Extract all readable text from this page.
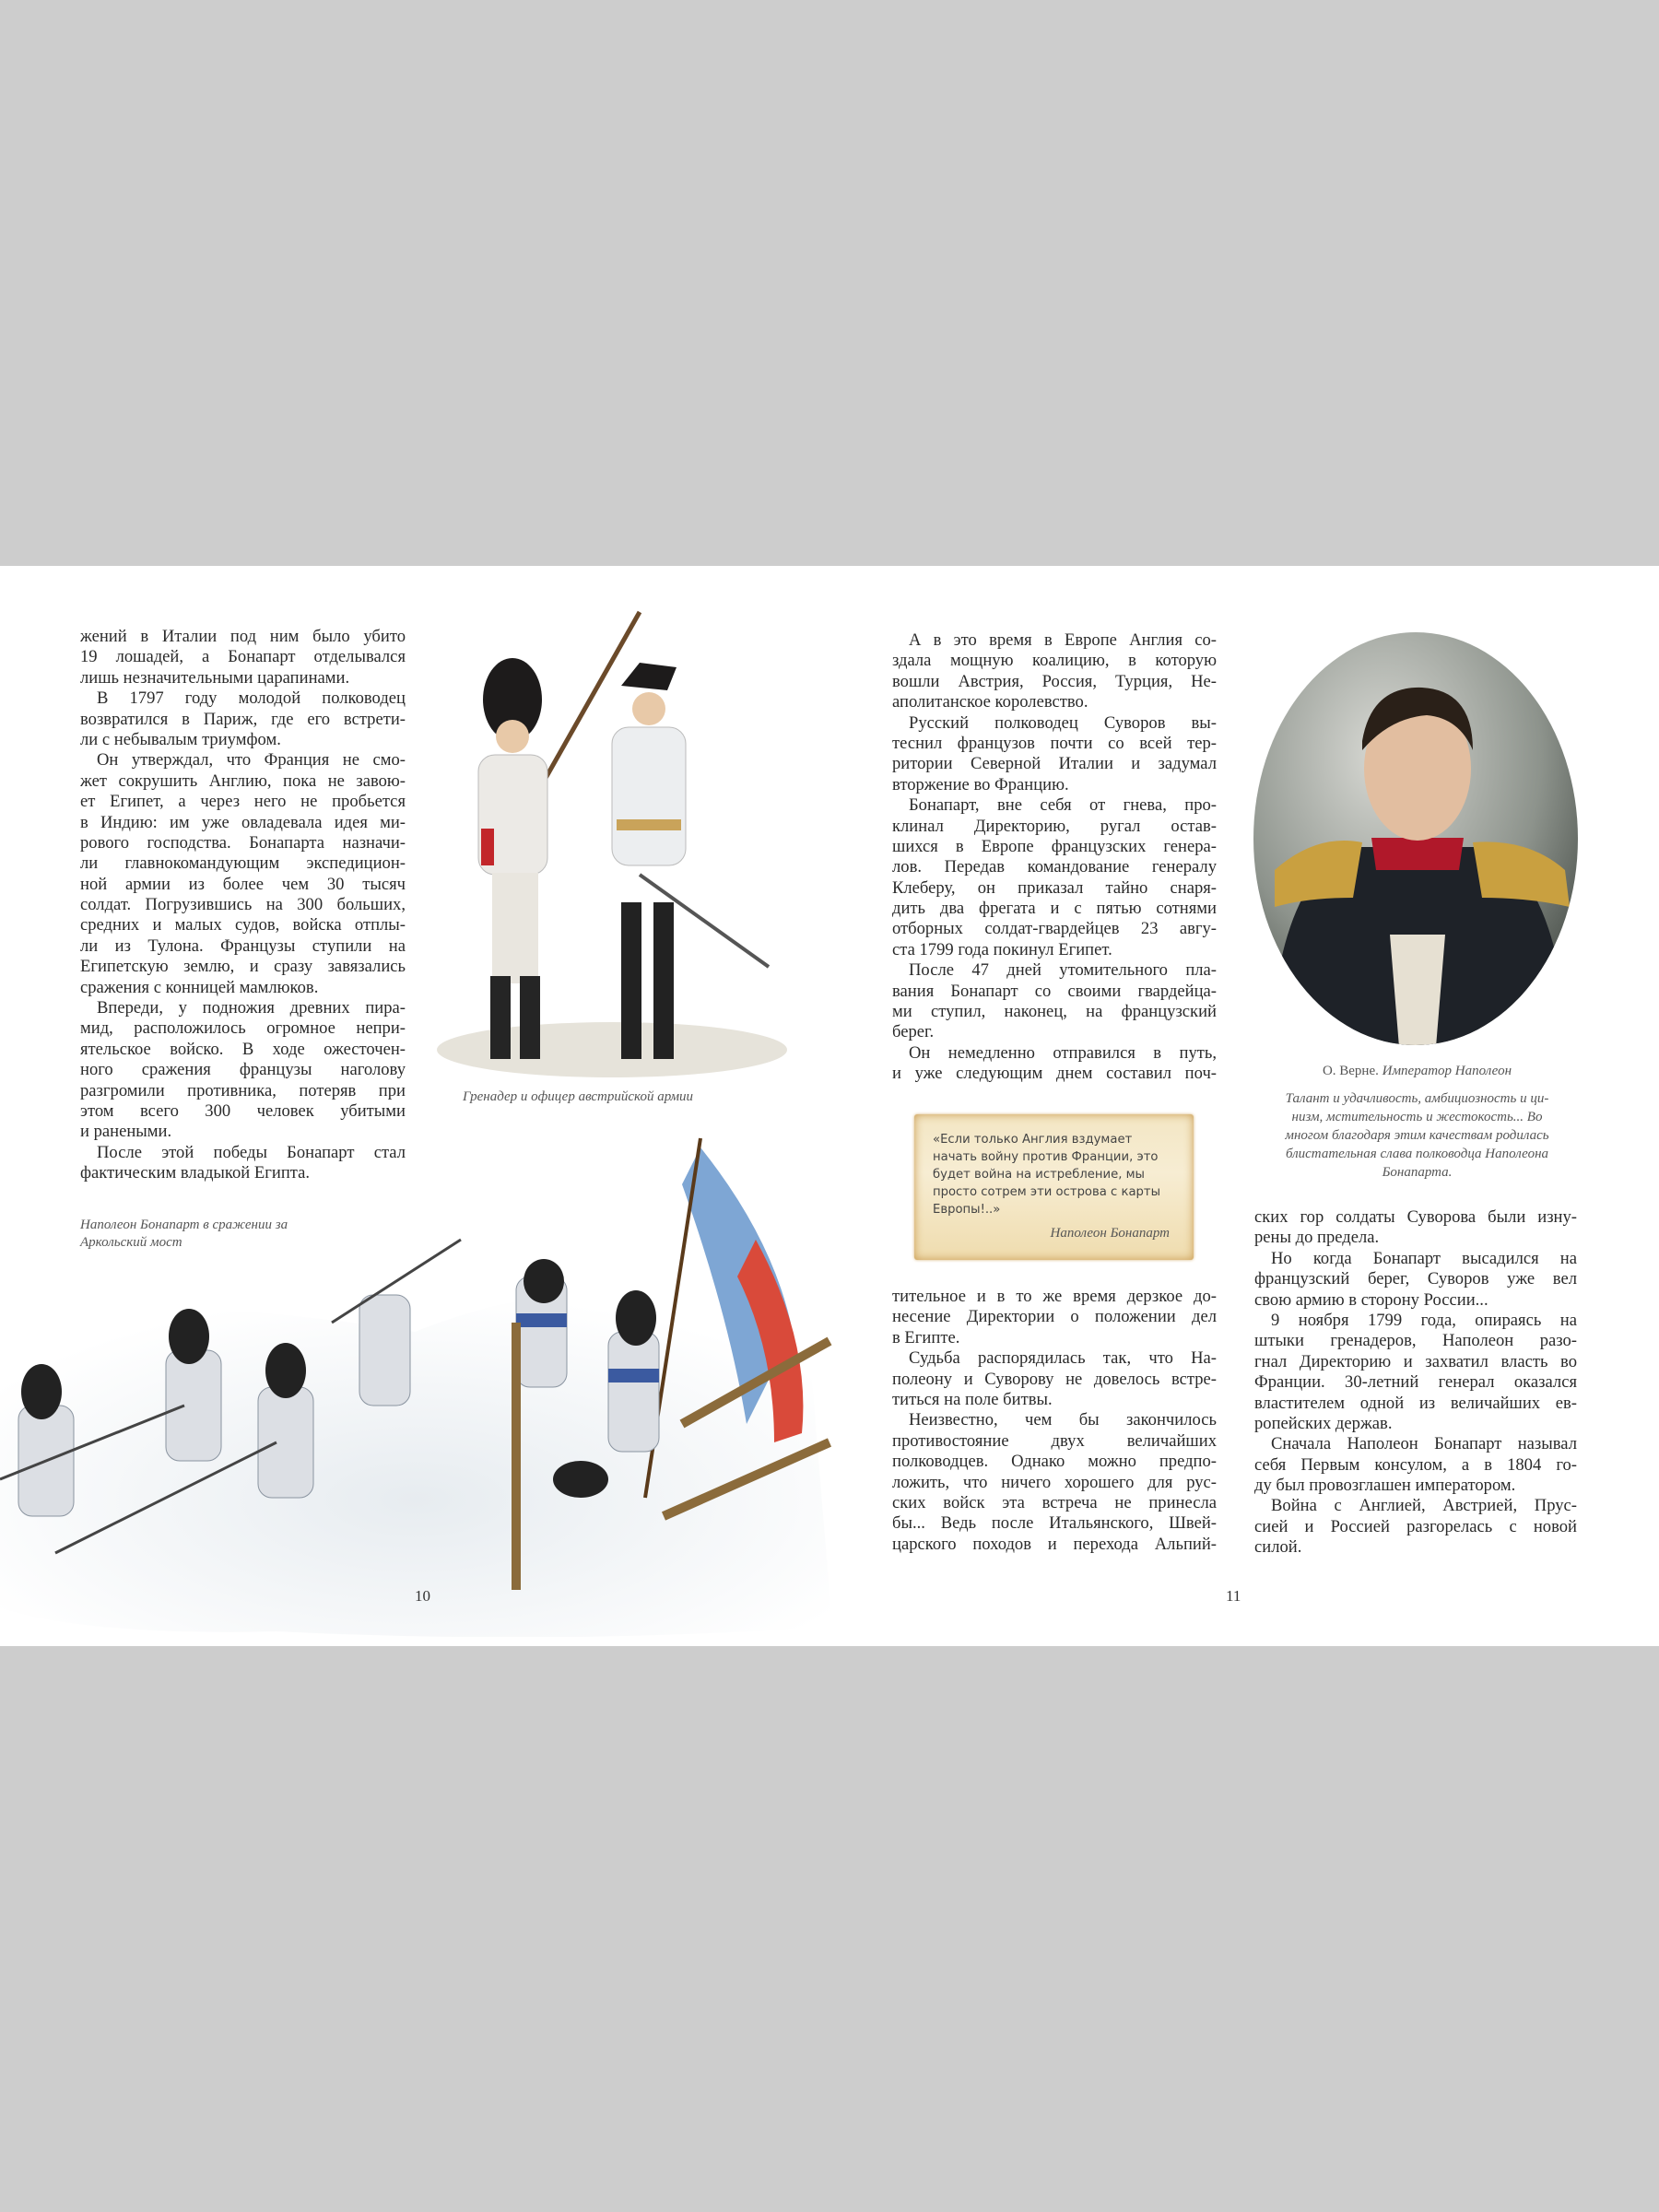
жений в Италии под ним было убито
19 лошадей, а Бонапарт отделывался
лишь незначительными царапинами.
В 1797 году молодой полководец
возвратился в Париж, где его встрети-
ли с небывалым триумфом.
Он утверждал, что Франция не смо-
жет сокрушить Англию, пока не завою-
ет Египет, а через него не пробьется
в Индию: им уже овладевала идея ми-
рового господства. Бонапарта назначи-
ли главнокомандующим экспедицион-
ной армии из более чем 30 тысяч
солдат. Погрузившись на 300 больших,
средних и малых судов, войска отплы-
ли из Тулона. Французы ступили на
Египетскую землю, и сразу завязались
сражения с конницей мамлюков.
Впереди, у подножия древних пира-
мид, расположилось огромное непри-
ятельское войско. В ходе ожесточен-
ного сражения французы наголову
разгромили противника, потеряв при
этом всего 300 человек убитыми
и ранеными.
После этой победы Бонапарт стал
фактическим владыкой Египта.
Гренадер и офицер австрийской армии
Наполеон Бонапарт в сражении за
Аркольский мост
10
А в это время в Европе Англия со-
здала мощную коалицию, в которую
вошли Австрия, Россия, Турция, Не-
аполитанское королевство.
Русский полководец Суворов вы-
теснил французов почти со всей тер-
ритории Северной Италии и задумал
вторжение во Францию.
Бонапарт, вне себя от гнева, про-
клинал Директорию, ругал остав-
шихся в Европе французских генера-
лов. Передав командование генералу
Клеберу, он приказал тайно снаря-
дить два фрегата и с пятью сотнями
отборных солдат-гвардейцев 23 авгу-
ста 1799 года покинул Египет.
После 47 дней утомительного пла-
вания Бонапарт со своими гвардейца-
ми ступил, наконец, на французский
берег.
Он немедленно отправился в путь,
и уже следующим днем составил поч-
«Если только Англия вздумает начать войну против Франции, это будет война на истребление, мы просто сотрем эти острова с карты Европы!..»
Наполеон Бонапарт
тительное и в то же время дерзкое до-
несение Директории о положении дел
в Египте.
Судьба распорядилась так, что На-
полеону и Суворову не довелось встре-
титься на поле битвы.
Неизвестно, чем бы закончилось
противостояние двух величайших
полководцев. Однако можно предпо-
ложить, что ничего хорошего для рус-
ских войск эта встреча не принесла
бы... Ведь после Итальянского, Швей-
царского походов и перехода Альпий-
О. Верне. Император Наполеон
Талант и удачливость, амбициозность и ци-
низм, мстительность и жестокость... Во
многом благодаря этим качествам родилась
блистательная слава полководца Наполеона
Бонапарта.
ских гор солдаты Суворова были изну-
рены до предела.
Но когда Бонапарт высадился на
французский берег, Суворов уже вел
свою армию в сторону России...
9 ноября 1799 года, опираясь на
штыки гренадеров, Наполеон разо-
гнал Директорию и захватил власть во
Франции. 30-летний генерал оказался
властителем одной из величайших ев-
ропейских держав.
Сначала Наполеон Бонапарт называл
себя Первым консулом, а в 1804 го-
ду был провозглашен императором.
Война с Англией, Австрией, Прус-
сией и Россией разгорелась с новой
силой.
11
